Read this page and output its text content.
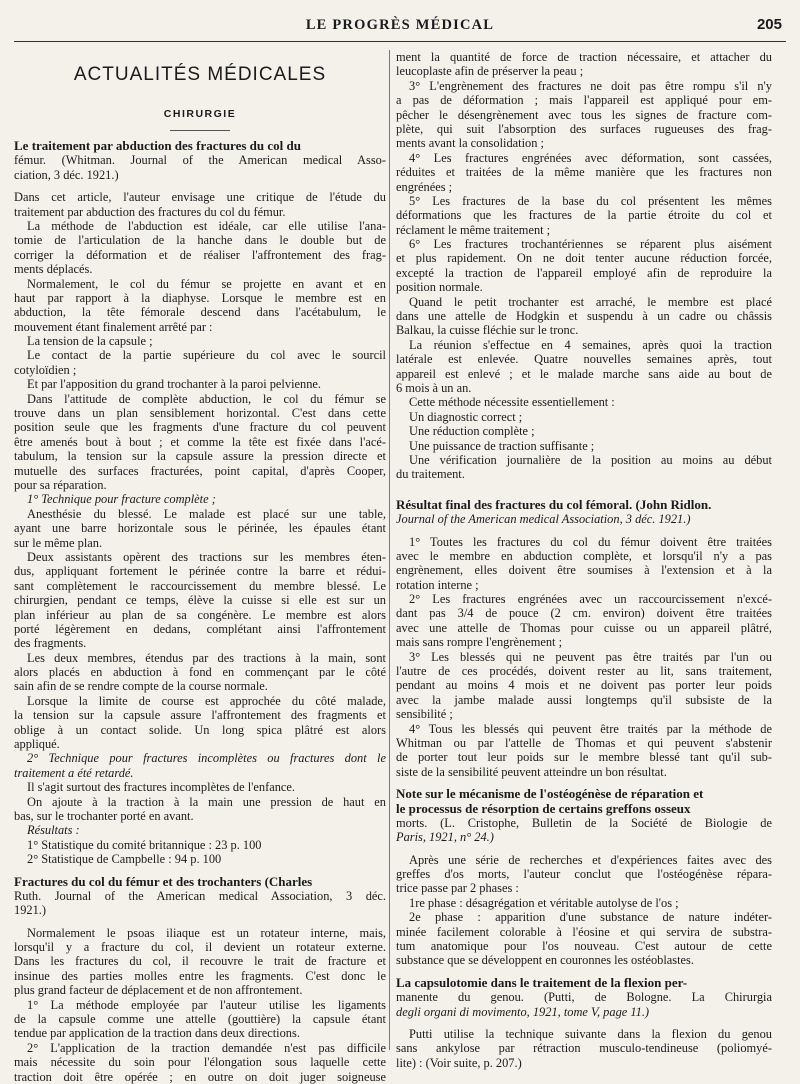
LE PROGRÈS MÉDICAL	205
ACTUALITÉS MÉDICALES
CHIRURGIE
Le traitement par abduction des fractures du col du
fémur. (Whitman. Journal of the American medical Asso-
ciation, 3 déc. 1921.)
Dans cet article, l'auteur envisage une critique de l'étude du
traitement par abduction des fractures du col du fémur.
La méthode de l'abduction est idéale, car elle utilise l'ana-
tomie de l'articulation de la hanche dans le double but de
corriger la déformation et de réaliser l'affrontement des frag-
ments déplacés.
Normalement, le col du fémur se projette en avant et en
haut par rapport à la diaphyse. Lorsque le membre est en
abduction, la tête fémorale descend dans l'acétabulum, le
mouvement étant finalement arrêté par :
La tension de la capsule ;
Le contact de la partie supérieure du col avec le sourcil
cotyloïdien ;
Et par l'apposition du grand trochanter à la paroi pelvienne.
Dans l'attitude de complète abduction, le col du fémur se
trouve dans un plan sensiblement horizontal. C'est dans cette
position seule que les fragments d'une fracture du col peuvent
être amenés bout à bout ; et comme la tête est fixée dans l'acé-
tabulum, la tension sur la capsule assure la pression directe et
mutuelle des surfaces fracturées, point capital, d'après Cooper,
pour sa réparation.
1° Technique pour fracture complète ;
Anesthésie du blessé. Le malade est placé sur une table,
ayant une barre horizontale sous le périnée, les épaules étant
sur le même plan.
Deux assistants opèrent des tractions sur les membres éten-
dus, appliquant fortement le périnée contre la barre et rédui-
sant complètement le raccourcissement du membre blessé. Le
chirurgien, pendant ce temps, élève la cuisse si elle est sur un
plan inférieur au plan de sa congénère. Le membre est alors
porté légèrement en dedans, complétant ainsi l'affrontement
des fragments.
Les deux membres, étendus par des tractions à la main, sont
alors placés en abduction à fond en commençant par le côté
sain afin de se rendre compte de la course normale.
Lorsque la limite de course est approchée du côté malade,
la tension sur la capsule assure l'affrontement des fragments et
oblige à un contact solide. Un long spica plâtré est alors
appliqué.
2° Technique pour fractures incomplètes ou fractures dont le
traitement a été retardé.
Il s'agit surtout des fractures incomplètes de l'enfance.
On ajoute à la traction à la main une pression de haut en
bas, sur le trochanter porté en avant.
Résultats :
1° Statistique du comité britannique : 23 p. 100
2° Statistique de Campbelle : 94 p. 100
Fractures du col du fémur et des trochanters (Charles
Ruth. Journal of the American medical Association, 3 déc.
1921.)
Normalement le psoas iliaque est un rotateur interne, mais,
lorsqu'il y a fracture du col, il devient un rotateur externe.
Dans les fractures du col, il recouvre le trait de fracture et
insinue des parties molles entre les fragments. C'est donc le
plus grand facteur de déplacement et de non affrontement.
1° La méthode employée par l'auteur utilise les ligaments
de la capsule comme une attelle (gouttière) la capsule étant
tendue par application de la traction dans deux directions.
2° L'application de la traction demandée n'est pas difficile
mais nécessite du soin pour l'élongation sous laquelle cette
traction doit être opérée ; en outre on doit juger soigneuse
ment la quantité de force de traction nécessaire, et attacher du
leucoplaste afin de préserver la peau ;
3° L'engrènement des fractures ne doit pas être rompu s'il n'y
a pas de déformation ; mais l'appareil est appliqué pour em-
pêcher le désengrènement avec tous les signes de fracture com-
plète, qui suit l'absorption des surfaces rugueuses des frag-
ments avant la consolidation ;
4° Les fractures engrénées avec déformation, sont cassées,
réduites et traitées de la même manière que les fractures non
engrénées ;
5° Les fractures de la base du col présentent les mêmes
déformations que les fractures de la partie étroite du col et
réclament le même traitement ;
6° Les fractures trochantériennes se réparent plus aisément
et plus rapidement. On ne doit tenter aucune réduction forcée,
excepté la traction de l'appareil employé afin de reproduire la
position normale.
Quand le petit trochanter est arraché, le membre est placé
dans une attelle de Hodgkin et suspendu à un cadre ou châssis
Balkau, la cuisse fléchie sur le tronc.
La réunion s'effectue en 4 semaines, après quoi la traction
latérale est enlevée. Quatre nouvelles semaines après, tout
appareil est enlevé ; et le malade marche sans aide au bout de
6 mois à un an.
Cette méthode nécessite essentiellement :
Un diagnostic correct ;
Une réduction complète ;
Une puissance de traction suffisante ;
Une vérification journalière de la position au moins au début
du traitement.
Résultat final des fractures du col fémoral. (John Ridlon.
Journal of the American medical Association, 3 déc. 1921.)
1° Toutes les fractures du col du fémur doivent être traitées
avec le membre en abduction complète, et lorsqu'il n'y a pas
engrènement, elles doivent être soumises à l'extension et à la
rotation interne ;
2° Les fractures engrénées avec un raccourcissement n'excé-
dant pas 3/4 de pouce (2 cm. environ) doivent être traitées
avec une attelle de Thomas pour cuisse ou un appareil plâtré,
mais sans rompre l'engrènement ;
3° Les blessés qui ne peuvent pas être traités par l'un ou
l'autre de ces procédés, doivent rester au lit, sans traitement,
pendant au moins 4 mois et ne doivent pas porter leur poids
avec la jambe malade aussi longtemps qu'il subsiste de la
sensibilité ;
4° Tous les blessés qui peuvent être traités par la méthode de
Whitman ou par l'attelle de Thomas et qui peuvent s'abstenir
de porter tout leur poids sur le membre blessé tant qu'il sub-
siste de la sensibilité peuvent atteindre un bon résultat.
Note sur le mécanisme de l'ostéogénèse de réparation et
le processus de résorption de certains greffons osseux
morts. (L. Cristophe, Bulletin de la Société de Biologie de
Paris, 1921, n° 24.)
Après une série de recherches et d'expériences faites avec des
greffes d'os morts, l'auteur conclut que l'ostéogénèse répara-
trice passe par 2 phases :
1re phase : désagrégation et véritable autolyse de l'os ;
2e phase : apparition d'une substance de nature indéter-
minée facilement colorable à l'éosine et qui servira de substra-
tum anatomique pour l'os nouveau. C'est autour de cette
substance que se développent en couronnes les ostéoblastes.
La capsulotomie dans le traitement de la flexion per-
manente du genou. (Putti, de Bologne. La Chirurgia
degli organi di movimento, 1921, tome V, page 11.)
Putti utilise la technique suivante dans la flexion du genou
sans ankylose par rétraction musculo-tendineuse (poliomyé-
lite) : (Voir suite, p. 207.)
